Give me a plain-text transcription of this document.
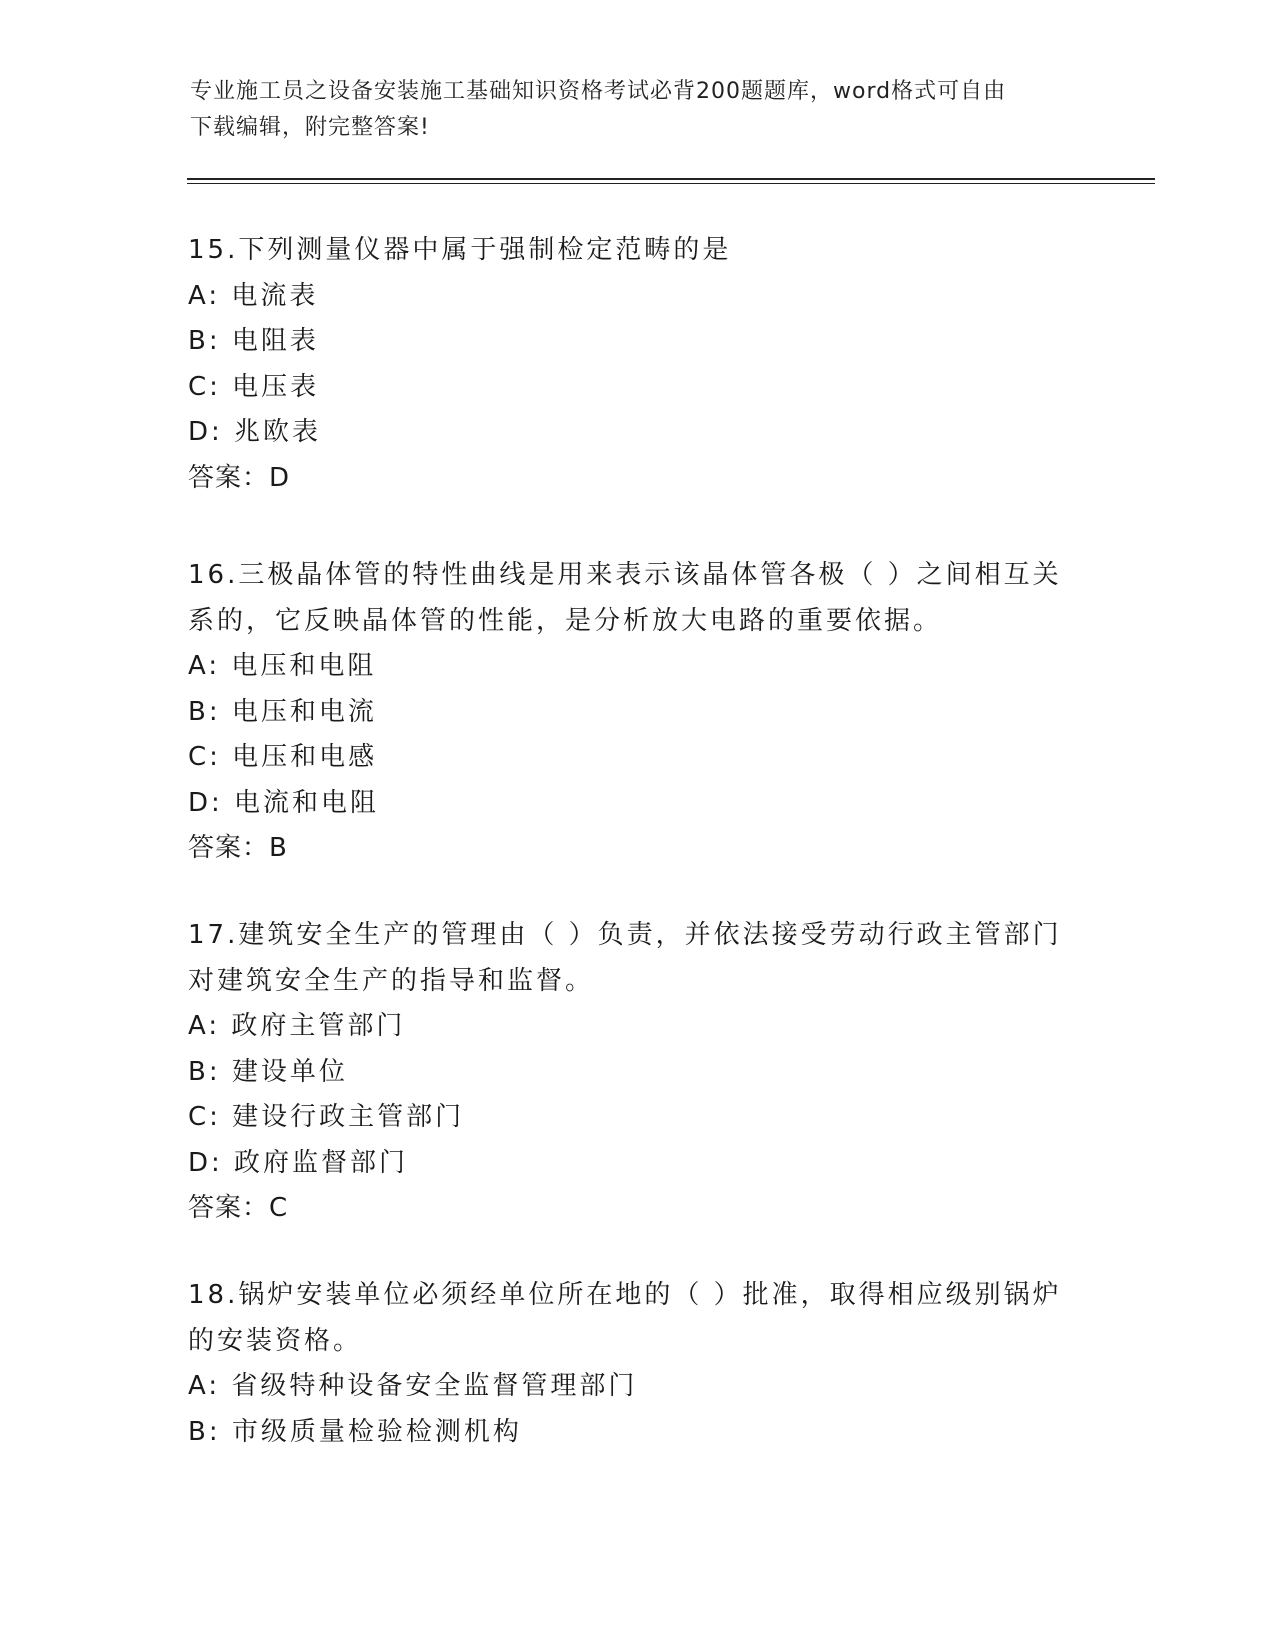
专业施工员之设备安装施工基础知识资格考试必背200题题库，word格式可自由
下载编辑，附完整答案!
15.下列测量仪器中属于强制检定范畴的是
A: 电流表
B: 电阻表
C: 电压表
D: 兆欧表
答案：D
16.三极晶体管的特性曲线是用来表示该晶体管各极（ ）之间相互关
系的，它反映晶体管的性能，是分析放大电路的重要依据。
A: 电压和电阻
B: 电压和电流
C: 电压和电感
D: 电流和电阻
答案：B
17.建筑安全生产的管理由（ ）负责，并依法接受劳动行政主管部门
对建筑安全生产的指导和监督。
A: 政府主管部门
B: 建设单位
C: 建设行政主管部门
D: 政府监督部门
答案：C
18.锅炉安装单位必须经单位所在地的（ ）批准，取得相应级别锅炉
的安装资格。
A: 省级特种设备安全监督管理部门
B: 市级质量检验检测机构
